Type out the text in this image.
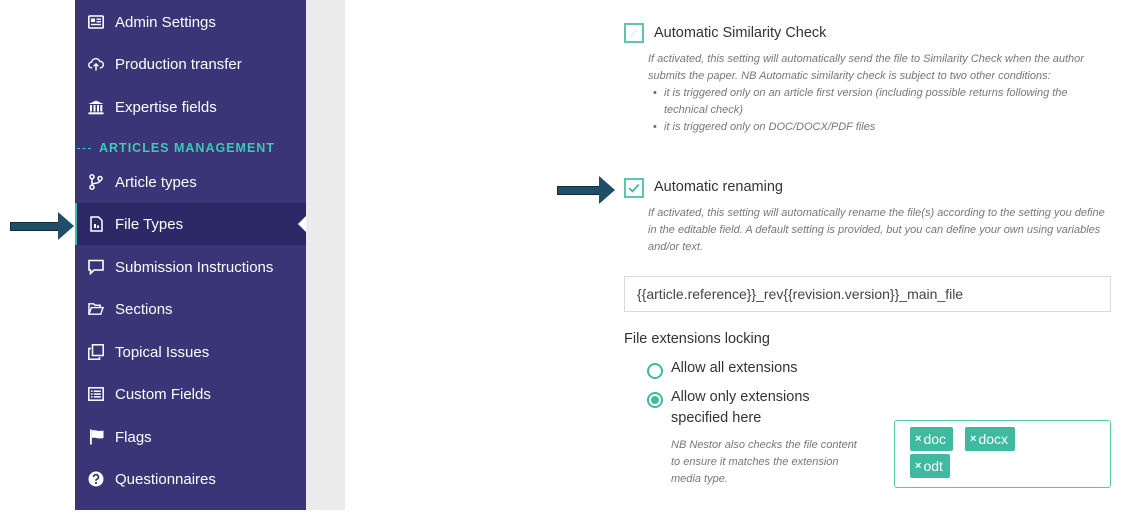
Admin Settings
Production transfer
Expertise fields
ARTICLES MANAGEMENT
Article types
File Types
Submission Instructions
Sections
Topical Issues
Custom Fields
Flags
Questionnaires
Automatic Similarity Check
If activated, this setting will automatically send the file to Similarity Check when the author submits the paper. NB Automatic similarity check is subject to two other conditions:
• it is triggered only on an article first version (including possible returns following the technical check)
• it is triggered only on DOC/DOCX/PDF files
Automatic renaming
If activated, this setting will automatically rename the file(s) according to the setting you define in the editable field. A default setting is provided, but you can define your own using variables and/or text.
{{article.reference}}_rev{{revision.version}}_main_file
File extensions locking
Allow all extensions
Allow only extensions
specified here
NB Nestor also checks the file content to ensure it matches the extension media type.
× doc × docx
× odt
